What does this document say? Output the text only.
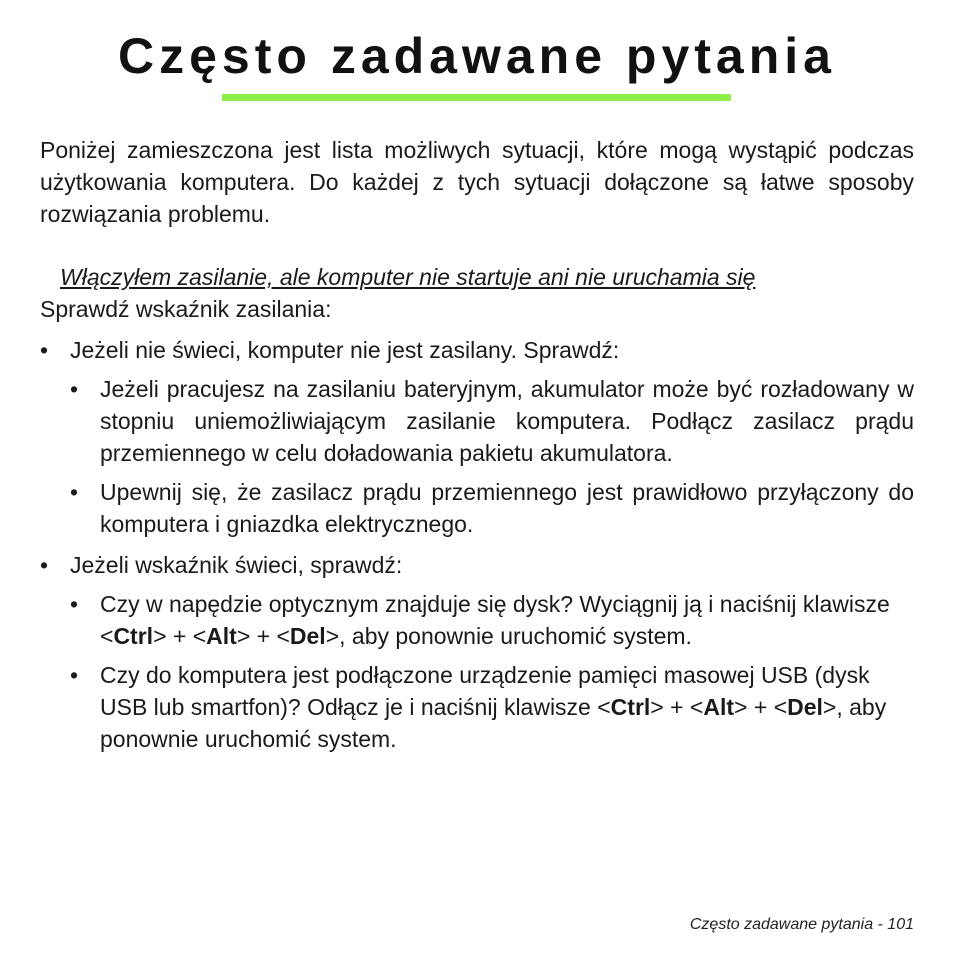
Często zadawane pytania

Poniżej zamieszczona jest lista możliwych sytuacji, które mogą wystąpić podczas użytkowania komputera. Do każdej z tych sytuacji dołączone są łatwe sposoby rozwiązania problemu.

Włączyłem zasilanie, ale komputer nie startuje ani nie uruchamia się

Sprawdź wskaźnik zasilania:

• Jeżeli nie świeci, komputer nie jest zasilany. Sprawdź:
• Jeżeli pracujesz na zasilaniu bateryjnym, akumulator może być rozładowany w stopniu uniemożliwiającym zasilanie komputera. Podłącz zasilacz prądu przemiennego w celu doładowania pakietu akumulatora.
• Upewnij się, że zasilacz prądu przemiennego jest prawidłowo przyłączony do komputera i gniazdka elektrycznego.
• Jeżeli wskaźnik świeci, sprawdź:
• Czy w napędzie optycznym znajduje się dysk? Wyciągnij ją i naciśnij klawisze <Ctrl> + <Alt> + <Del>, aby ponownie uruchomić system.
• Czy do komputera jest podłączone urządzenie pamięci masowej USB (dysk USB lub smartfon)? Odłącz je i naciśnij klawisze <Ctrl> + <Alt> + <Del>, aby ponownie uruchomić system.
Często zadawane pytania - 101
